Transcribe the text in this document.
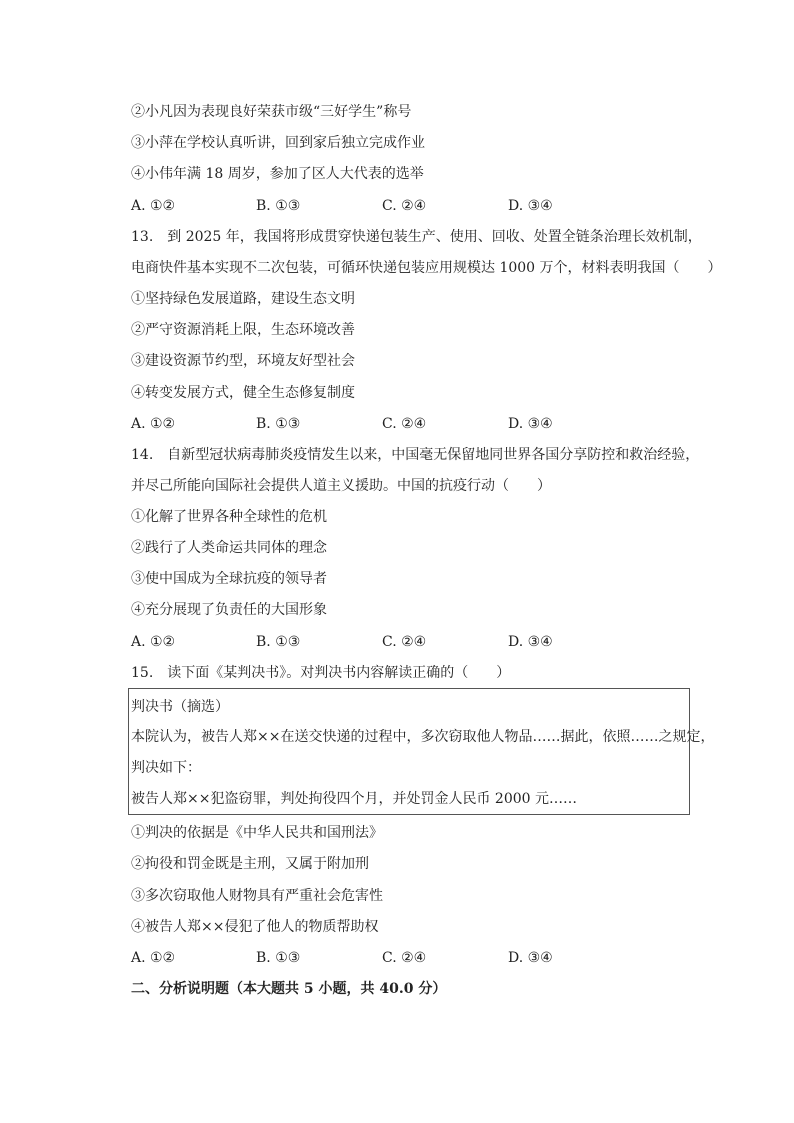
②小凡因为表现良好荣获市级“三好学生”称号
③小萍在学校认真听讲，回到家后独立完成作业
④小伟年满 18 周岁，参加了区人大代表的选举
A. ①②	B. ①③	C. ②④	D. ③④
13.　到 2025 年，我国将形成贯穿快递包装生产、使用、回收、处置全链条治理长效机制，
电商快件基本实现不二次包装，可循环快递包装应用规模达 1000 万个，材料表明我国（　　）
①坚持绿色发展道路，建设生态文明
②严守资源消耗上限，生态环境改善
③建设资源节约型，环境友好型社会
④转变发展方式，健全生态修复制度
A. ①②	B. ①③	C. ②④	D. ③④
14.　自新型冠状病毒肺炎疫情发生以来，中国毫无保留地同世界各国分享防控和救治经验，
并尽己所能向国际社会提供人道主义援助。中国的抗疫行动（　　）
①化解了世界各种全球性的危机
②践行了人类命运共同体的理念
③使中国成为全球抗疫的领导者
④充分展现了负责任的大国形象
A. ①②	B. ①③	C. ②④	D. ③④
15.　读下面《某判决书》。对判决书内容解读正确的（　　）
判决书（摘选）
本院认为，被告人郑××在送交快递的过程中，多次窃取他人物品……据此，依照……之规定，
判决如下：
被告人郑××犯盗窃罪，判处拘役四个月，并处罚金人民币 2000 元……
①判决的依据是《中华人民共和国刑法》
②拘役和罚金既是主刑，又属于附加刑
③多次窃取他人财物具有严重社会危害性
④被告人郑××侵犯了他人的物质帮助权
A. ①②	B. ①③	C. ②④	D. ③④
二、分析说明题（本大题共 5 小题，共 40.0 分）
